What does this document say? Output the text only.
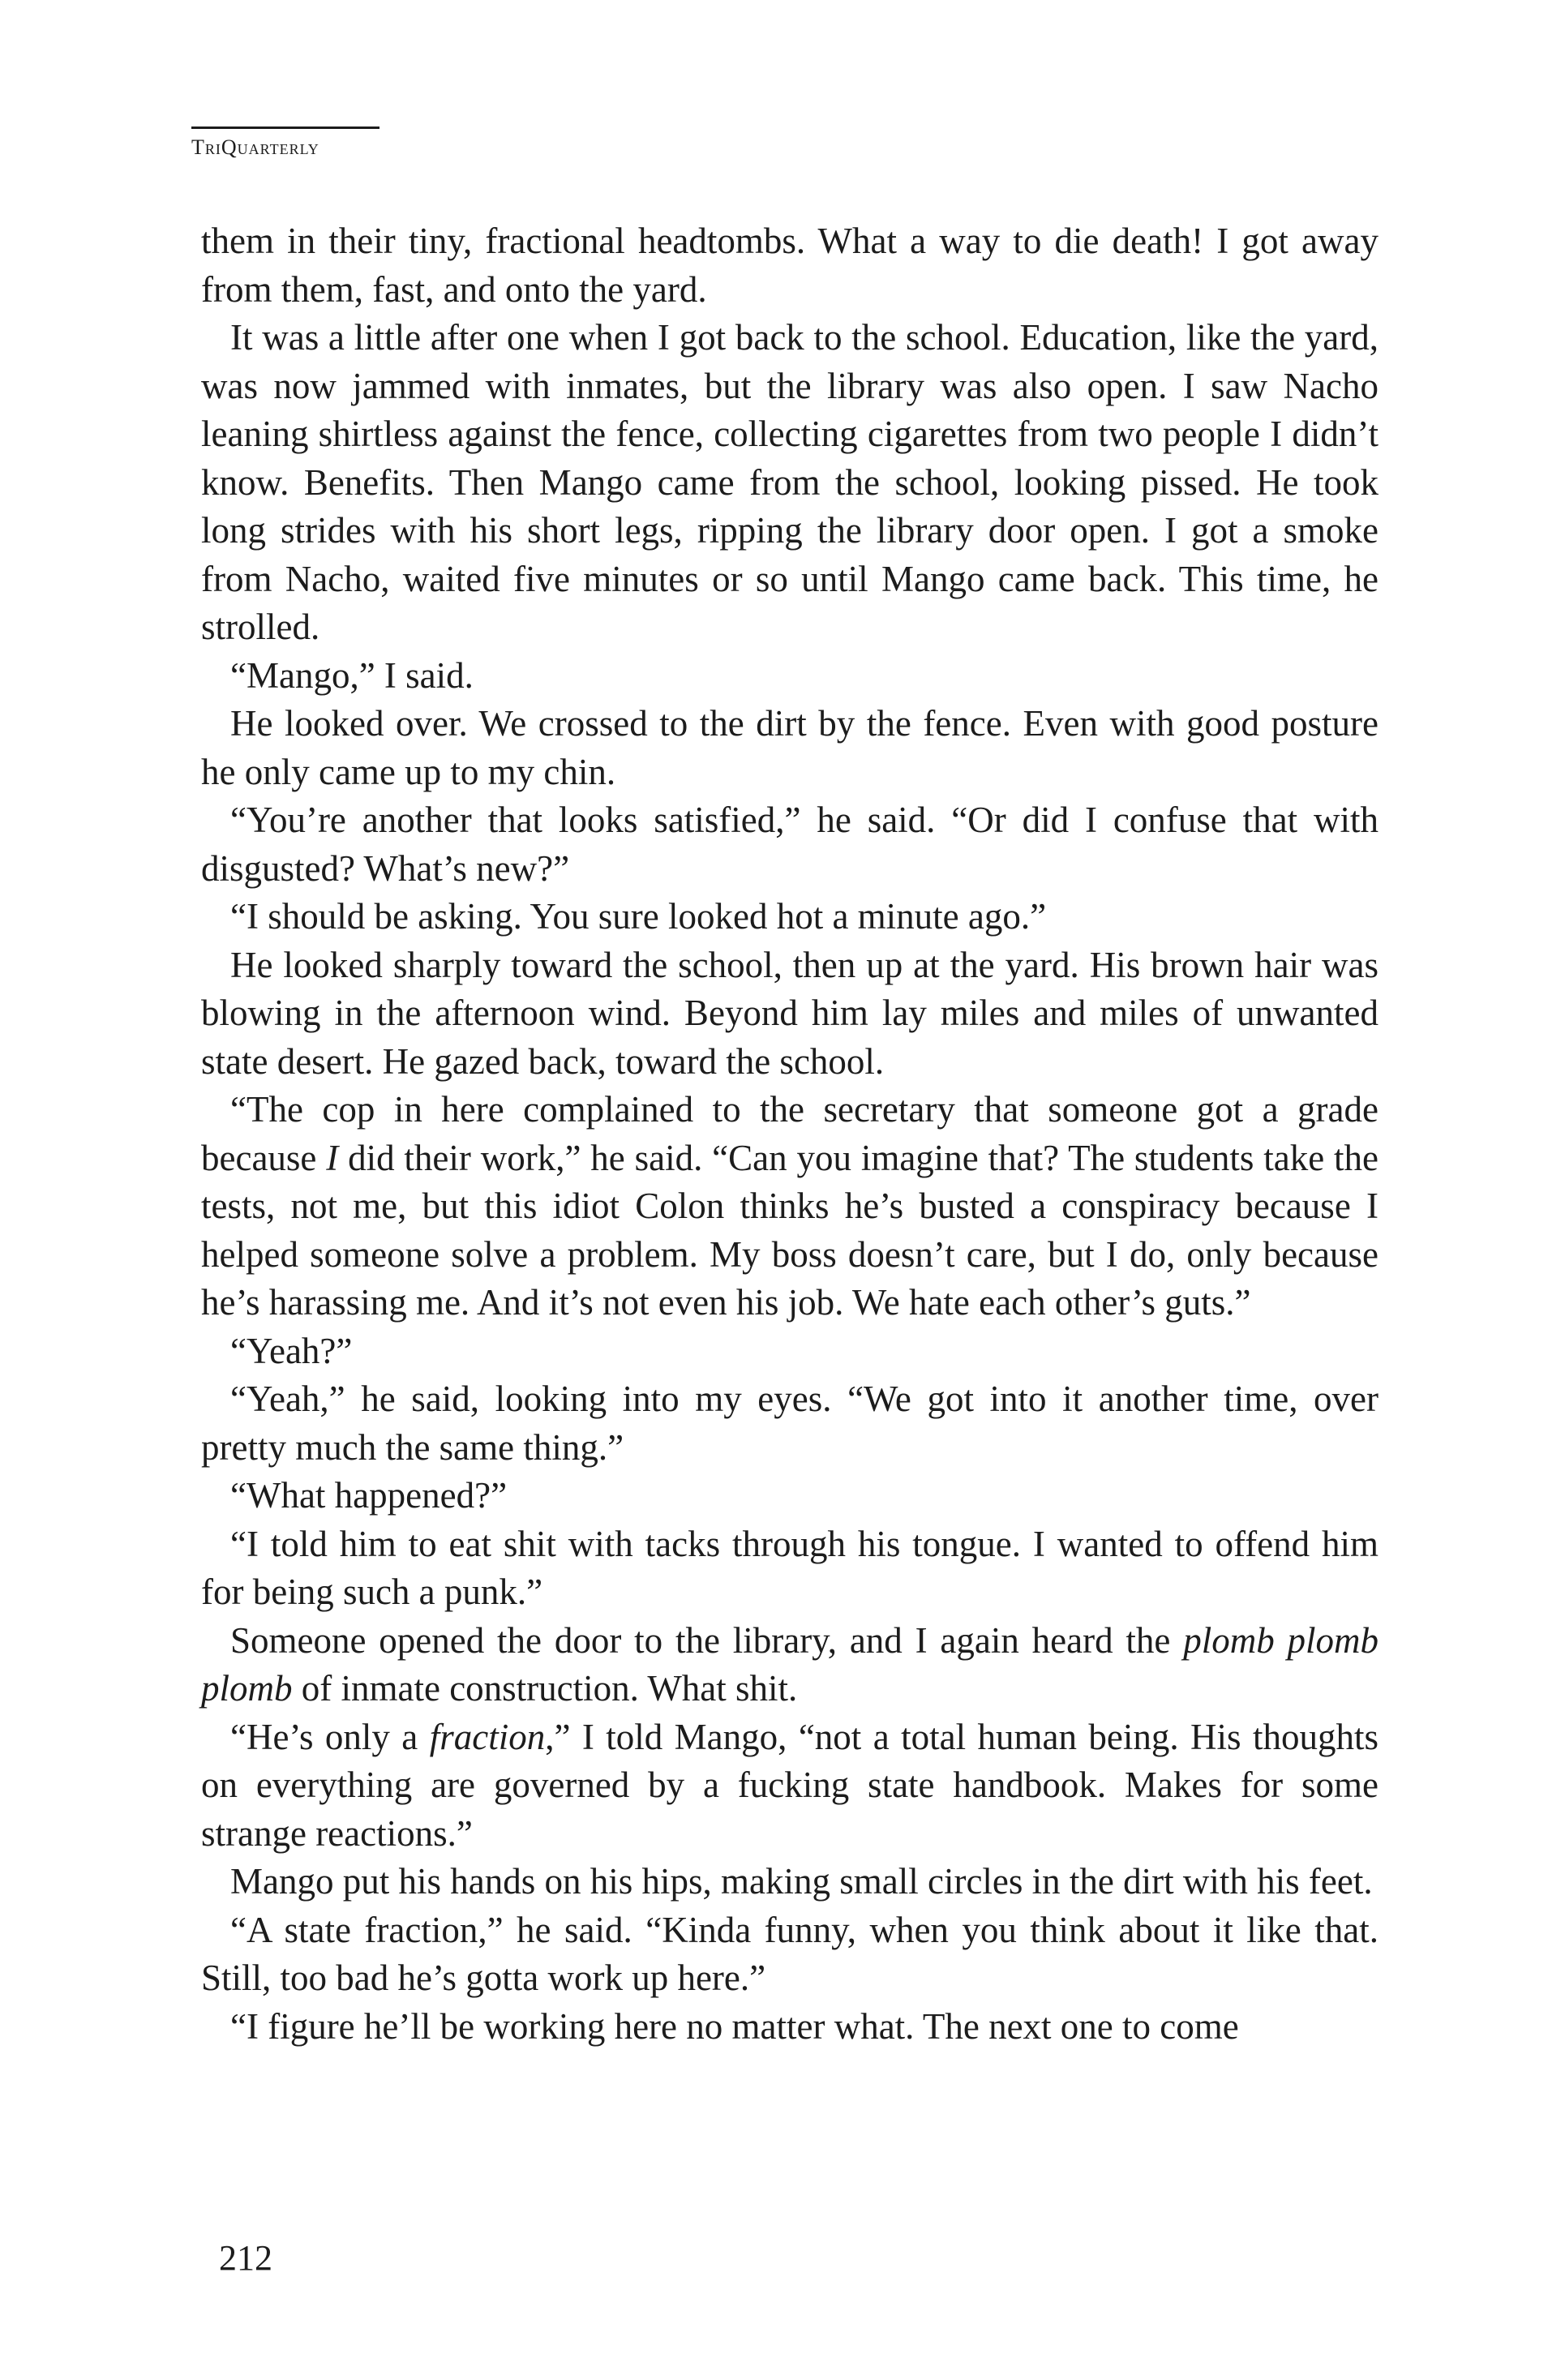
TriQuarterly

them in their tiny, fractional headtombs. What a way to die death! I got away from them, fast, and onto the yard.

It was a little after one when I got back to the school. Education, like the yard, was now jammed with inmates, but the library was also open. I saw Nacho leaning shirtless against the fence, collecting cigarettes from two people I didn’t know. Benefits. Then Mango came from the school, looking pissed. He took long strides with his short legs, ripping the library door open. I got a smoke from Nacho, waited five minutes or so until Mango came back. This time, he strolled.

“Mango,” I said.

He looked over. We crossed to the dirt by the fence. Even with good posture he only came up to my chin.

“You’re another that looks satisfied,” he said. “Or did I confuse that with disgusted? What’s new?”

“I should be asking. You sure looked hot a minute ago.”

He looked sharply toward the school, then up at the yard. His brown hair was blowing in the afternoon wind. Beyond him lay miles and miles of unwanted state desert. He gazed back, toward the school.

“The cop in here complained to the secretary that someone got a grade because I did their work,” he said. “Can you imagine that? The students take the tests, not me, but this idiot Colon thinks he’s busted a conspiracy because I helped someone solve a problem. My boss doesn’t care, but I do, only because he’s harassing me. And it’s not even his job. We hate each other’s guts.”

“Yeah?”

“Yeah,” he said, looking into my eyes. “We got into it another time, over pretty much the same thing.”

“What happened?”

“I told him to eat shit with tacks through his tongue. I wanted to offend him for being such a punk.”

Someone opened the door to the library, and I again heard the plomb plomb plomb of inmate construction. What shit.

“He’s only a fraction,” I told Mango, “not a total human being. His thoughts on everything are governed by a fucking state handbook. Makes for some strange reactions.”

Mango put his hands on his hips, making small circles in the dirt with his feet.

“A state fraction,” he said. “Kinda funny, when you think about it like that. Still, too bad he’s gotta work up here.”

“I figure he’ll be working here no matter what. The next one to come

212
